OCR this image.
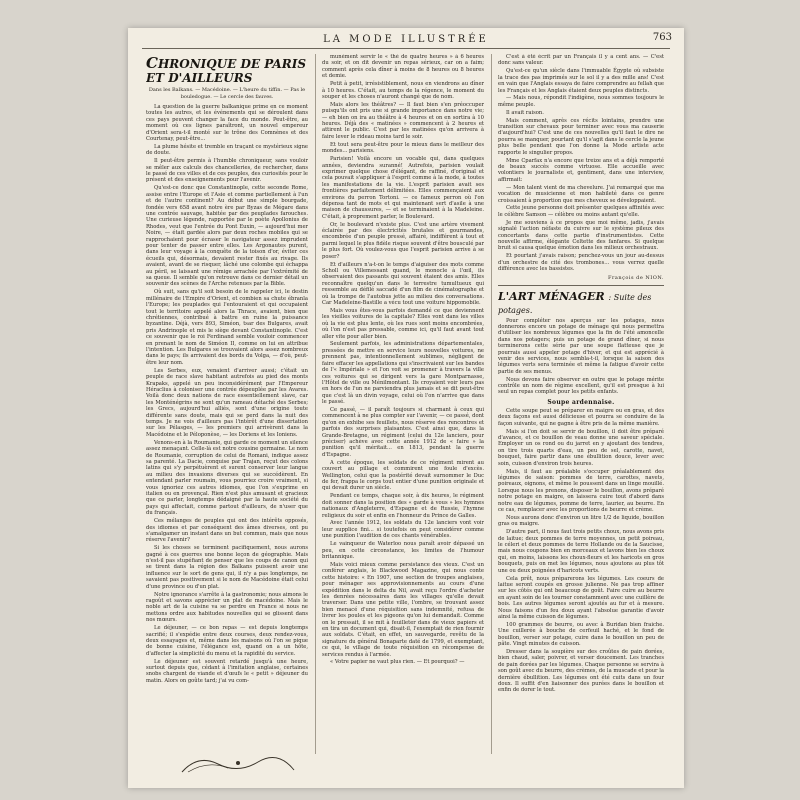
LA MODE ILLUSTRÉE	763
CHRONIQUE DE PARIS ET D'AILLEURS
Dans les Balkans. — Macédoine. — L'heure du tiffin. — Pas le bouledogue. — Le cercle des fauves.

La question de la guerre balkanique prime en ce moment toutes les autres, et les événements qui se déroulent dans ces pays peuvent changer la face du monde. Peut-être, au moment où ces lignes paraîtront, un nouvel empereur d'Orient sera-t-il monté sur le trône des Comnènes et des Courtenay, peut-être...

La plume hésite et tremble en traçant ce mystérieux signe de doute.

Il peut-être permis à l'humble chroniqueur, sans vouloir se mêler aux calculs des chancelleries, de rechercher, dans le passé de ces villes et de ces peuples, des curiosités pour le présent et des enseignements pour l'avenir.

Qu'est-ce donc que Constantinople, cette seconde Rome, assise entre l'Europe et l'Asie et comme partiellement à l'un et de l'autre continent? Au début une simple bourgade, fondée vers 658 avant notre ère par Byzas de Mégare dans une contrée sauvage, habitée par des peuplades farouches. Une curieuse légende, rapportée par le poète Apollonius de Rhodes, veut que l'entrée du Pont Euxin, — aujourd'hui mer Noire, — était gardée alors par deux roches mobiles qui se rapprochaient pour écraser le navigateur assez imprudent pour tenter de passer entre elles. Les Argonautes purent, dans leur voyage à la conquête de la toison d'or, éviter ces écueils qui, désormais, devaient rester fixés au rivage. Ils avaient, avant de se risquer, lâché une colombe qui échappa au péril, se laissant une rémige arrachée par l'extrémité de sa queue. Il semble qu'on retrouve dans ce dernier détail un souvenir des scènes de l'Arche retenues par la Bible.

Où suit, sans qu'il soit besoin de le rappeler ici, le destin millénaire de l'Empire d'Orient, et combien sa chute ébranla l'Europe; les peuplades qui l'entouraient et qui occupaient tout le territoire appelé alors la Thrace, avaient, bien que chrétiennes, contribué à battre en ruine la puissance byzantine. Déjà, vers 893, Siméon, tsar des Bulgares, avait pris Andrinople et mis le siège devant Constantinople. C'est ce souvenir que le roi Ferdinand semble vouloir commencer en prenant le nom de Siméon II, comme on lui en attribue l'intention. Les Bulgares se trouvaient alors assez nombreux dans le pays; ils arrivaient des bords du Volga, — d'où, peut-être leur nom.

Les Serbes, eux, venaient d'arriver aussi; c'était un peuple de race slave habitant autrefois au pied des monts Krapaks, appelé un peu inconsidérément par l'Empereur Héraclius à coloniser une contrée dépeuplée par les Avares. Voilà donc deux nations de race essentiellement slave, car les Monténégrins ne sont qu'un rameau détaché des Serbes; les Grecs, aujourd'hui alliés, sont d'une origine toute différente sans doute, mais qui se perd dans la nuit des temps. Je ne vois d'ailleurs pas l'intérêt d'une dissertation sur les Pélasges, — les premiers qui arrivèrent dans la Macédoine et le Péloponèse, — les Doriens et les Ioniens.

Venons-en à la Roumanie, qui garde ce moment un silence assez menaçant. Celle-là est notre cousine germaine. Le nom de Roumanie, corruption de celui de Romani, indique assez sa parenté. La Dacie, conquise par Trajan, reçut des colons latins qui s'y perpétuèrent et surent conserver leur langue au milieu des invasions diverses qui se succédèrent. En entendant parler roumain, vous pourriez croire vraiment, si vous ignoriez ces autres idiomes, que l'on s'exprime en italien ou en provençal. Rien n'est plus amusant et gracieux que ce parler, longtemps dédaigné par la haute société du pays qui affectait, comme partout d'ailleurs, de n'user que du français.

Ces mélanges de peuples qui ont des intérêts opposés, des idiomes et par conséquent des âmes diverses, ont pu s'amalgamer un instant dans un but commun, mais que nous réserve l'avenir?

Si les choses se terminent pacifiquement, nous aurons gagné à ces guerres une bonne leçon de géographie. Mais n'est-il pas stupéfiant de penser que les coups de canon qui se tirent dans la région des Balkans puissent avoir une influence sur le sort de gens qui, il n'y a pas longtemps, ne savaient pas positivement si le nom de Macédoine était celui d'une province ou d'un plat.

Notre ignorance s'arrête à la gastronomie; nous aimons le ragoût et savons apprécier un plat de macédoine. Mais le noble art de la cuisine va se perdre en France si nous ne mettons ordre aux habitudes nouvelles qui se glissent dans nos mœurs.

Le déjeuner, — ce bon repas — est depuis longtemps sacrifié; il s'expédie entre deux courses, deux rendez-vous, deux essayages et, même dans les maisons où l'on se pique de bonne cuisine, l'élégance est, quand on a un hôte, d'affecter la simplicité du menu et la rapidité du service.

Le déjeuner est souvent retardé jusqu'à une heure, surtout depuis que, cédant à l'imitation anglaise, certaines snobs chargent de viande et d'œufs le « petit » déjeuner du matin. Alors on goûte tard; j'ai vu com-

munément servir le « thé de quatre heures » à 6 heures du soir, et on dit devenir un repas sérieux, car on a faim; comment après cela dîner à moins de 8 heures ou 8 heures et demie.

Petit à petit, irrésistiblement, nous en viendrons au dîner à 10 heures. C'était, au temps de la régence, le moment du souper et les choses n'auront changé que de nom.

Mais alors les théâtres? — Il faut bien s'en préoccuper puisqu'ils ont pris une si grande importance dans notre vie; — eh bien on ira au théâtre à 4 heures et on en sortira à 10 heures. Déjà des « matinées » commencent à 2 heures et attirent le public. C'est par les matinées qu'on arrivera à faire lever le rideau moins tard le soir.

Et tout sera peut-être pour le mieux dans le meilleur des mondes... parisiens.

Parisien! Voilà encore un vocable qui, dans quelques années, deviendra suranné! Autrefois, parisien voulait exprimer quelque chose d'élégant, de raffiné, d'original et cela pouvait s'appliquer à l'esprit comme à la mode, à toutes les manifestations de la vie. L'esprit parisien avait ses frontières parfaitement délimitées. Elles commençaient aux environs du perron Tortoni. — ce fameux perron où l'on dépensa tant de mots et qui maintenant sert d'asile à une maison de chaussures, — et se terminaient à la Madeleine. C'était, à proprement parler, le Boulevard.

Or, le boulevard n'existe plus. C'est une artère vivement éclairée par des électricités brutales et gourmandes, encombrée d'un peuple pressé, affairé, indifférent à tout et parmi lequel le plus fidèle risque souvent d'être bousculé par le plus fort. Où voulez-vous que l'esprit parisien arrive à se poser?

Et d'ailleurs n'a-t-on le temps d'aiguiser des mots comme Scholl ou Villemessant quand, le monocle à l'œil, ils observaient des passants qui souvent étaient des amis. Elles reconnaître quelqu'un dans le terrestre tumultueux qui ressemble au défilé saccadé d'un film de cinématographe et où la trompe de l'autobus jette au milieu des conversations. Car Madeleine-Bastille a vécu tout une voiture hippomobile.

Mais vous êtes-vous parfois demandé ce que deviennent les vieilles voitures de la capitale? Elles vont dans les villes où la vie est plus lente, où les rues sont moins encombrées, où l'on n'est pas pressable, comme ici, qu'il faut avant tout aller vite pour aller bien.

Seulement parfois, les administrations départementales, pressées de mettre en service leurs nouvelles voitures, ne prennent pas, intentionnellement sublimes, négligent de faire effacer les appellations qui s'inscrivaient sur les bandes de l'« Impériale » et l'on voit se promener à travers la ville ces voitures qui se dirigent vers la gare Montparnasse, l'Hôtel de ville ou Ménilmontant. Ils croyaient voir leurs pas en hors de l'un ne parviendra plus jamais et se dit peut-être que c'est là un divin voyage, celui où l'on n'arrive que dans le passé.

Ce passé, — il paraît toujours si charmant à ceux qui commencent à ne plus compter sur l'avenir, — ce passé, dont qu'on en exhibe ses feuillets, nous réserve des rencontres et parfois des surprises plaisantes. C'est ainsi que, dans la Grande-Bretagne, un régiment (celui du 12e lanciers, pour préciser) achève avec cette année 1912 de « faire » la punition qu'il méritait... en 1813, pendant la guerre d'Espagne.

A cette époque, les soldats de ce régiment mirent au couvert au pillage et commirent une foule d'excès. Wellington, celui que la postérité devait surnommer le Duc de fer, frappa le corps tout entier d'une punition originale et qui devait durer un siècle.

Pendant ce temps, chaque soir, à dix heures, le régiment doit sonner dans la position des « garde à vous » les hymnes nationaux d'Angleterre, d'Espagne et de Russie, l'hymne religieux du soir et enfin en l'honneur du Prince de Galles.

Avec l'année 1912, les soldats du 12e lanciers vont voir leur supplice fini... si toutefois on peut considérer comme une punition l'audition de ces chants vénérables.

Le vainqueur de Waterloo nous paraît avoir dépassé un peu, en cette circonstance, les limites de l'humour britannique.

Mais voici mieux comme persistance des vieux. C'est un conférer anglais, le Blackwood Magazine, qui nous conte cette histoire: « En 1907, une section de troupes anglaises, pour ménager ses approvisionnements au cours d'une expédition dans le delta du Nil, avait reçu l'ordre d'acheter les denrées nécessaires dans les villages qu'elle devait traverser. Dans une petite ville, l'ombre, se trouvant assez bien menacé d'une réquisition sans indemnité, refusa de livrer les poules et les pigeons qu'on lui demandait. Comme on le pressait, il se mit à feuilleter dans de vieux papiers et en tira un document qui, disait-il, l'exemptait de rien fournir aux soldats. C'était, en effet, un sauvegarde, revêtu de la signature du général Bonaparte daté de 1799, et exemptant, ce qui, le village de toute réquisition en récompense de services rendus à l'armée.

« Votre papier ne vaut plus rien. — Et pourquoi? —

C'est à été écrit par un Français il y a cent ans. — C'est donc sans valeur.

Qu'est-ce qu'un siècle dans l'immuable Égypte où subsiste la trace des pas imprimés sur le sol il y a des mille ans! C'est en vain que l'Anglais essaya de faire comprendre au fellah que les Français et les Anglais étaient deux peuples distincts.

— Mais nous, répondit l'indigène, nous sommes toujours le même peuple.

Il avait raison.

Mais comment, après ces récits lointains, prendre une transition sur chevaux pour terminer avec vous ma causerie d'aujourd'hui? C'est une de ces nouvelles qu'il faut le dire ne pourra se manquer, pourtant qu'il s'agit dans le cercle la jeune plus belle pendant que l'on donne la Mode artiste acte rapporte le singulier propos.

Mme Cparfax n'a encore que treize ans et a déjà remporté de beaux succès comme virtuose. Elle accueille avec volontiers le journaliste et, gentiment, dans une interview, affirmait:

— Mon talent vient de ma chevelure. J'ai remarqué que ma vocation de musicienne et mon habileté dans ce genre croissaient à proportion que mes cheveux se développaient.

Cette jeune personne doit présenter quelques affinités avec le célèbre Samson — célèbre ou moins autant qu'elle.

Je me souviens à ce propos que moi même, jadis, j'avais signalé l'action néfaste du cuivre sur le système pileux des concertants dans cette partie d'instrumentistes. Cette nouvelle affirme, élégante Celtette des fanfares. Si quelque bruit si causa quelque émotion dans les milieux orchestraux.

Et pourtant j'avais raison; penchez-vous un jour au-dessus d'un orchestre de cité des trombones... vous verrez quelle différence avec les bassistes.

François de NION.
L'ART MÉNAGER : Suite des potages.

Pour compléter nos aperçus sur les potages, nous donnerons encore un potage de ménage qui nous permettra d'utiliser les nombreux légumes que la fin de l'été amoncelle dans nos potagers; puis un potage de grand dîner, si nous terminerons cette série par une soupe flatteuse que je pourrais aussi appeler potage d'hiver, et qui est apprécié à venir des services, nous sembla-t-il, lorsque la saison des légumes verts sera terminée et même la fatigue d'avoir cette partie de ses menus.

Nous devons faire observer en outre que le potage mérite contrôle un nom de régime excellent, qu'il est presque à lui seul un repas complet pour les petits enfants.

Soupe ardennaise.

Cette soupe peut se préparer en maigre ou en gras, et des deux façons est aussi délicieuse et pourra se conduire de la façon suivante, qui ne gagne à être pris de la même manière.

Mais si l'on doit se servir de bouillon, il doit être préparé d'avance, et ce bouillon de veau donne une saveur spéciale. Employer un os rond ou du jarret en y ajoutant des tendres, on tire trois quarts d'eau, un peu de sel, carotte, navet, bouquet, faire partir dans une ébullition douce, lever avec soin, cuisson d'environ trois heures.

Mais, il faut au préalable s'occuper préalablement des légumes de saison: pommes de terre, carottes, navets, poireaux, oignons, et même le poussent dans un linge mouillé. Lorsque nous les prenons, disposer le bouillon, avons préparé notre potage en maigre, on laissera cuire tout d'abord dans notre eau de légumes, pomme de terre, laurier, au beurre. En ce cas, remplacer avec les proportions de beurre et crème.

Nous aurons donc d'environ un litre 1/2 de liquide, bouillon gras ou maigre.

D'autre part, il nous faut trois petits choux, nous avons pris de laitue; deux pommes de terre moyennes, un petit poireau, le céleri et deux pommes de terre Hollande ou de la Saucisse, mais nous coupons bien en morceaux et lavons bien les choux qui, en moins, laissons les choux-fleurs et les haricots en gros bouquets, puis on met les légumes, nous ajoutons au plus tôt une ou deux poignées d'haricots verts.

Cela prêt, nous préparerons les légumes. Les coeurs de laitue seront coupés en grosse julienne. Ne pas trop affiner sur les côtés qui ont beaucoup de goût. Faire cuire au beurre en ayant soin de les tourner constamment avec une cuillère de bois. Les autres légumes seront ajoutés au fur et à mesure. Nous faisons d'un feu doux ayant l'absolue garantie d'avoir ainsi la même cuisson de légumes.

100 grammes de beurre, ou avec à Buridan bien fraiche. Une cuillerée à bouche de cerfeuil haché, et le fond de bouillon, verser sur potage, cuire dans le bouillon un peu de pâte. Vingt minutes de cuisson.

Dresser dans la soupière sur des croûtes de pain dorées, bien chaud, saler, poivrer, et verser doucement. Les tranches de pain dorées par les légumes. Chaque personne se servira à son goût avec du beurre, des crèmes, de la muscade et pour la dernière ébullition. Les légumes ont été cuits dans un four doux. Il suffit d'en liaisonner des purées dans le bouillon et enfin de dorer le tout.
